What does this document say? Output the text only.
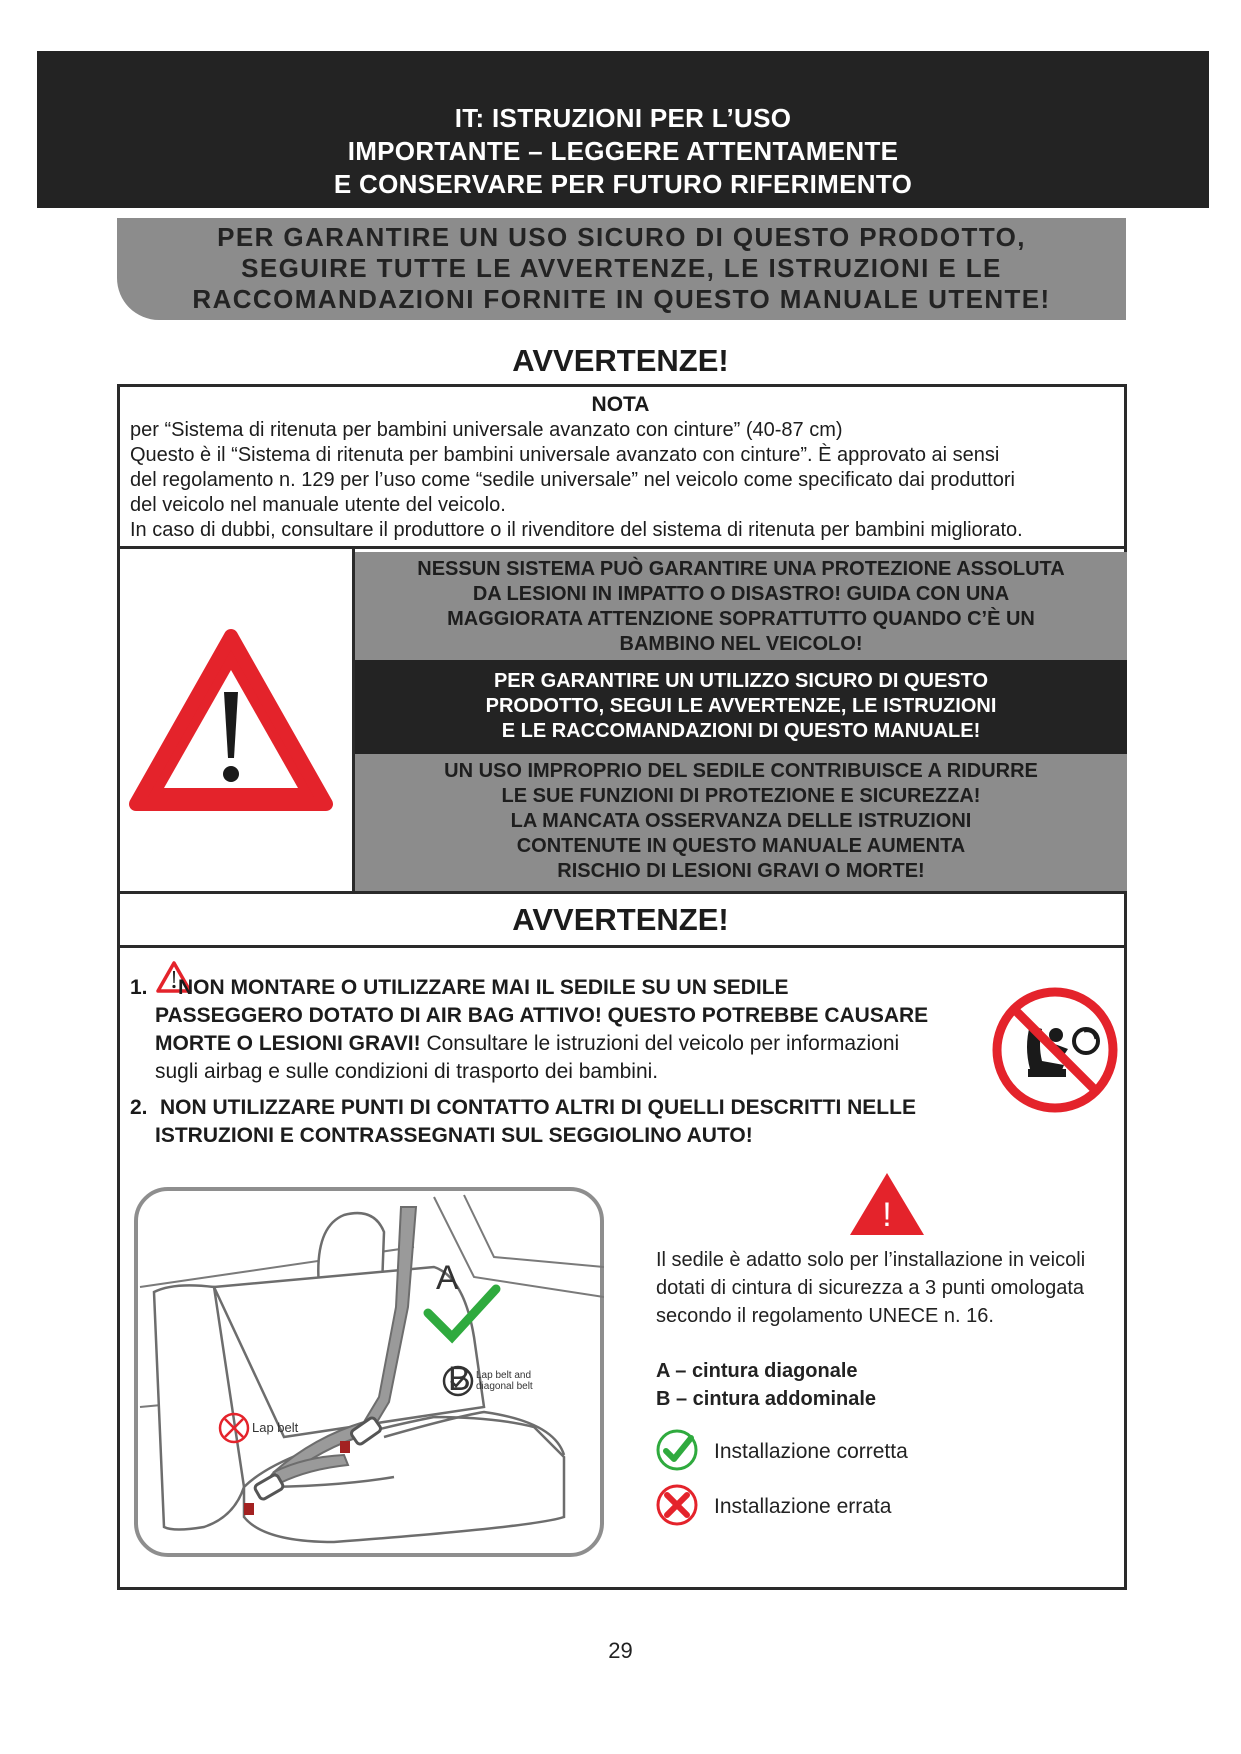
IT: ISTRUZIONI PER L’USO
IMPORTANTE – LEGGERE ATTENTAMENTE
E CONSERVARE PER FUTURO RIFERIMENTO
PER GARANTIRE UN USO SICURO DI QUESTO PRODOTTO,
SEGUIRE TUTTE LE AVVERTENZE, LE ISTRUZIONI E LE
RACCOMANDAZIONI FORNITE IN QUESTO MANUALE UTENTE!
AVVERTENZE!
NOTA
per “Sistema di ritenuta per bambini universale avanzato con cinture” (40-87 cm)
Questo è il “Sistema di ritenuta per bambini universale avanzato con cinture”. È approvato ai sensi
del regolamento n. 129 per l’uso come “sedile universale” nel veicolo come specificato dai produttori
del veicolo nel manuale utente del veicolo.
In caso di dubbi, consultare il produttore o il rivenditore del sistema di ritenuta per bambini migliorato.
NESSUN SISTEMA PUÒ GARANTIRE UNA PROTEZIONE ASSOLUTA
DA LESIONI IN IMPATTO O DISASTRO! GUIDA CON UNA
MAGGIORATA ATTENZIONE SOPRATTUTTO QUANDO C’È UN
BAMBINO NEL VEICOLO!
PER GARANTIRE UN UTILIZZO SICURO DI QUESTO
PRODOTTO, SEGUI LE AVVERTENZE, LE ISTRUZIONI
E LE RACCOMANDAZIONI DI QUESTO MANUALE!
UN USO IMPROPRIO DEL SEDILE CONTRIBUISCE A RIDURRE
LE SUE FUNZIONI DI PROTEZIONE E SICUREZZA!
LA MANCATA OSSERVANZA DELLE ISTRUZIONI
CONTENUTE IN QUESTO MANUALE AUMENTA
RISCHIO DI LESIONI GRAVI O MORTE!
AVVERTENZE!
1. NON MONTARE O UTILIZZARE MAI IL SEDILE SU UN SEDILE
PASSEGGERO DOTATO DI AIR BAG ATTIVO! QUESTO POTREBBE CAUSARE
MORTE O LESIONI GRAVI! Consultare le istruzioni del veicolo per informazioni
sugli airbag e sulle condizioni di trasporto dei bambini.
2. NON UTILIZZARE PUNTI DI CONTATTO ALTRI DI QUELLI DESCRITTI NELLE
ISTRUZIONI E CONTRASSEGNATI SUL SEGGIOLINO AUTO!
A
B
Lap belt
Lap belt and
diagonal belt
!
Il sedile è adatto solo per l’installazione in veicoli
dotati di cintura di sicurezza a 3 punti omologata
secondo il regolamento UNECE n. 16.
A – cintura diagonale
B – cintura addominale
Installazione corretta
Installazione errata
29
